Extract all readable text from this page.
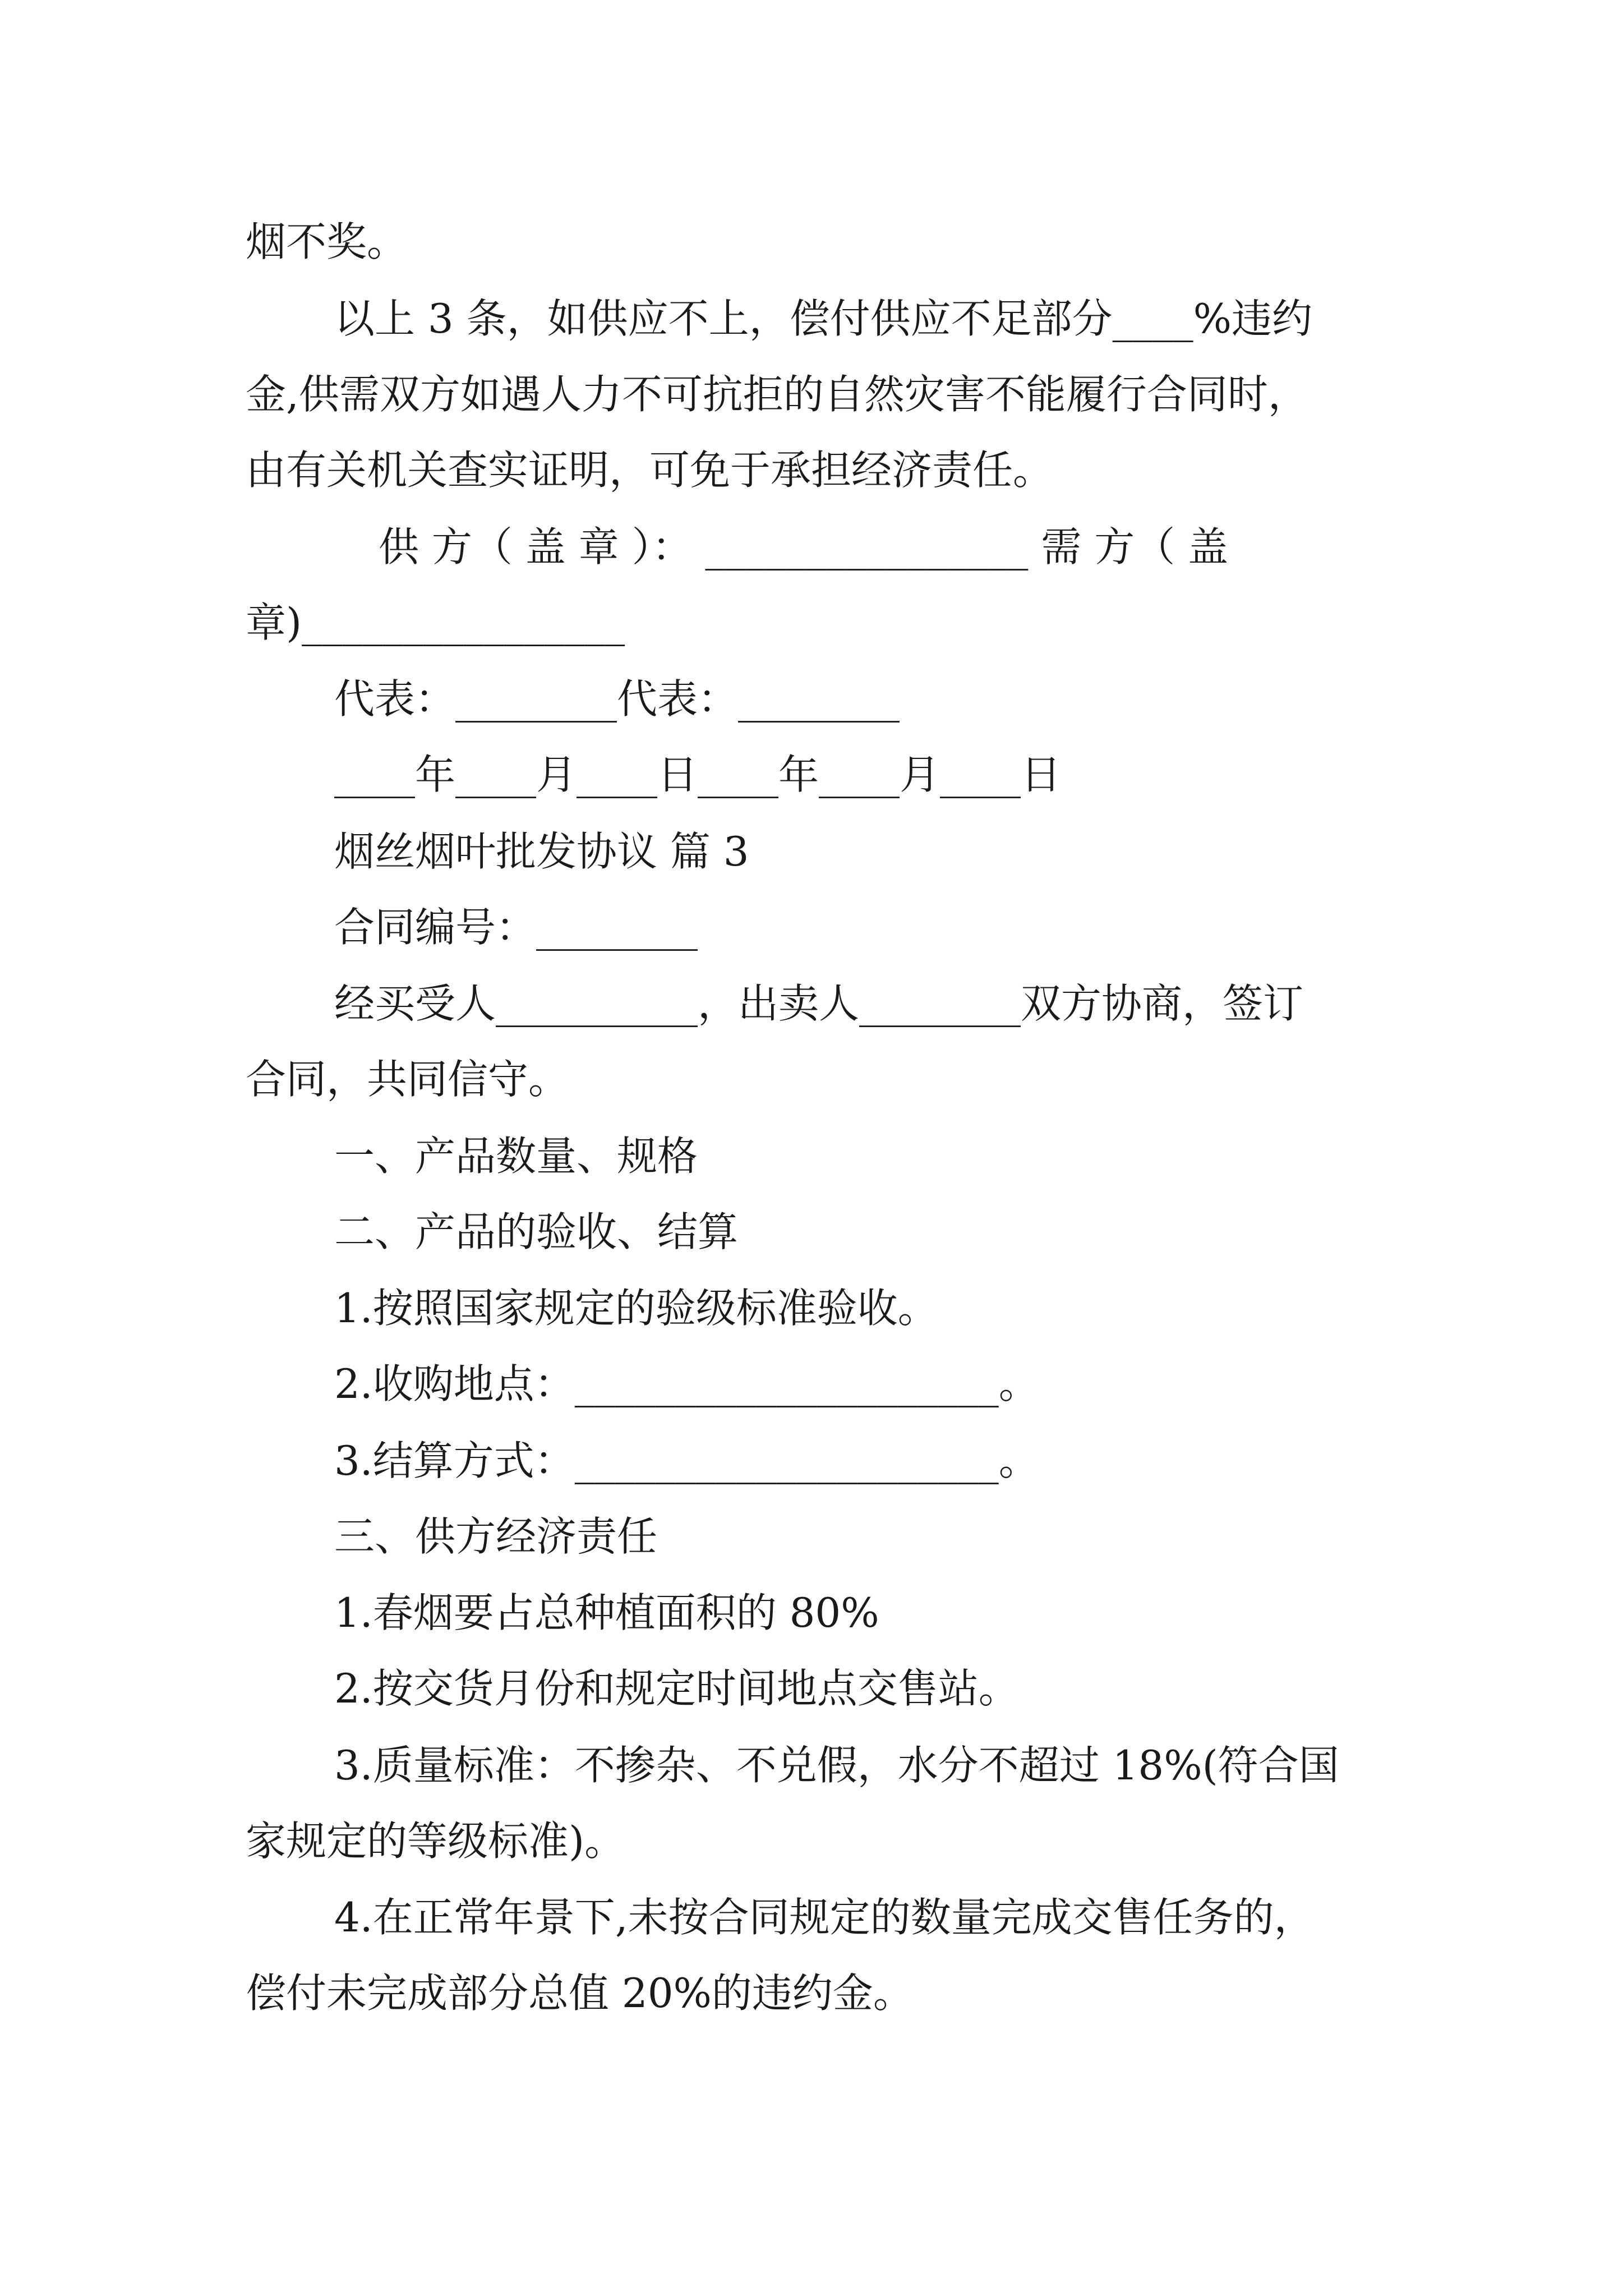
烟不奖。
以上 3 条，如供应不上，偿付供应不足部分____%违约
金,供需双方如遇人力不可抗拒的自然灾害不能履行合同时，
由有关机关查实证明，可免于承担经济责任。
供 方（ 盖 章 ）： ________________ 需 方（ 盖
章)________________
代表：________代表：________
____年____月____日____年____月____日
烟丝烟叶批发协议 篇 3
合同编号：________
经买受人__________，出卖人________双方协商，签订
合同，共同信守。
一、产品数量、规格
二、产品的验收、结算
1.按照国家规定的验级标准验收。
2.收购地点：_____________________。
3.结算方式：_____________________。
三、供方经济责任
1.春烟要占总种植面积的 80%
2.按交货月份和规定时间地点交售站。
3.质量标准：不掺杂、不兑假，水分不超过 18%(符合国
家规定的等级标准)。
4.在正常年景下,未按合同规定的数量完成交售任务的，
偿付未完成部分总值 20%的违约金。
